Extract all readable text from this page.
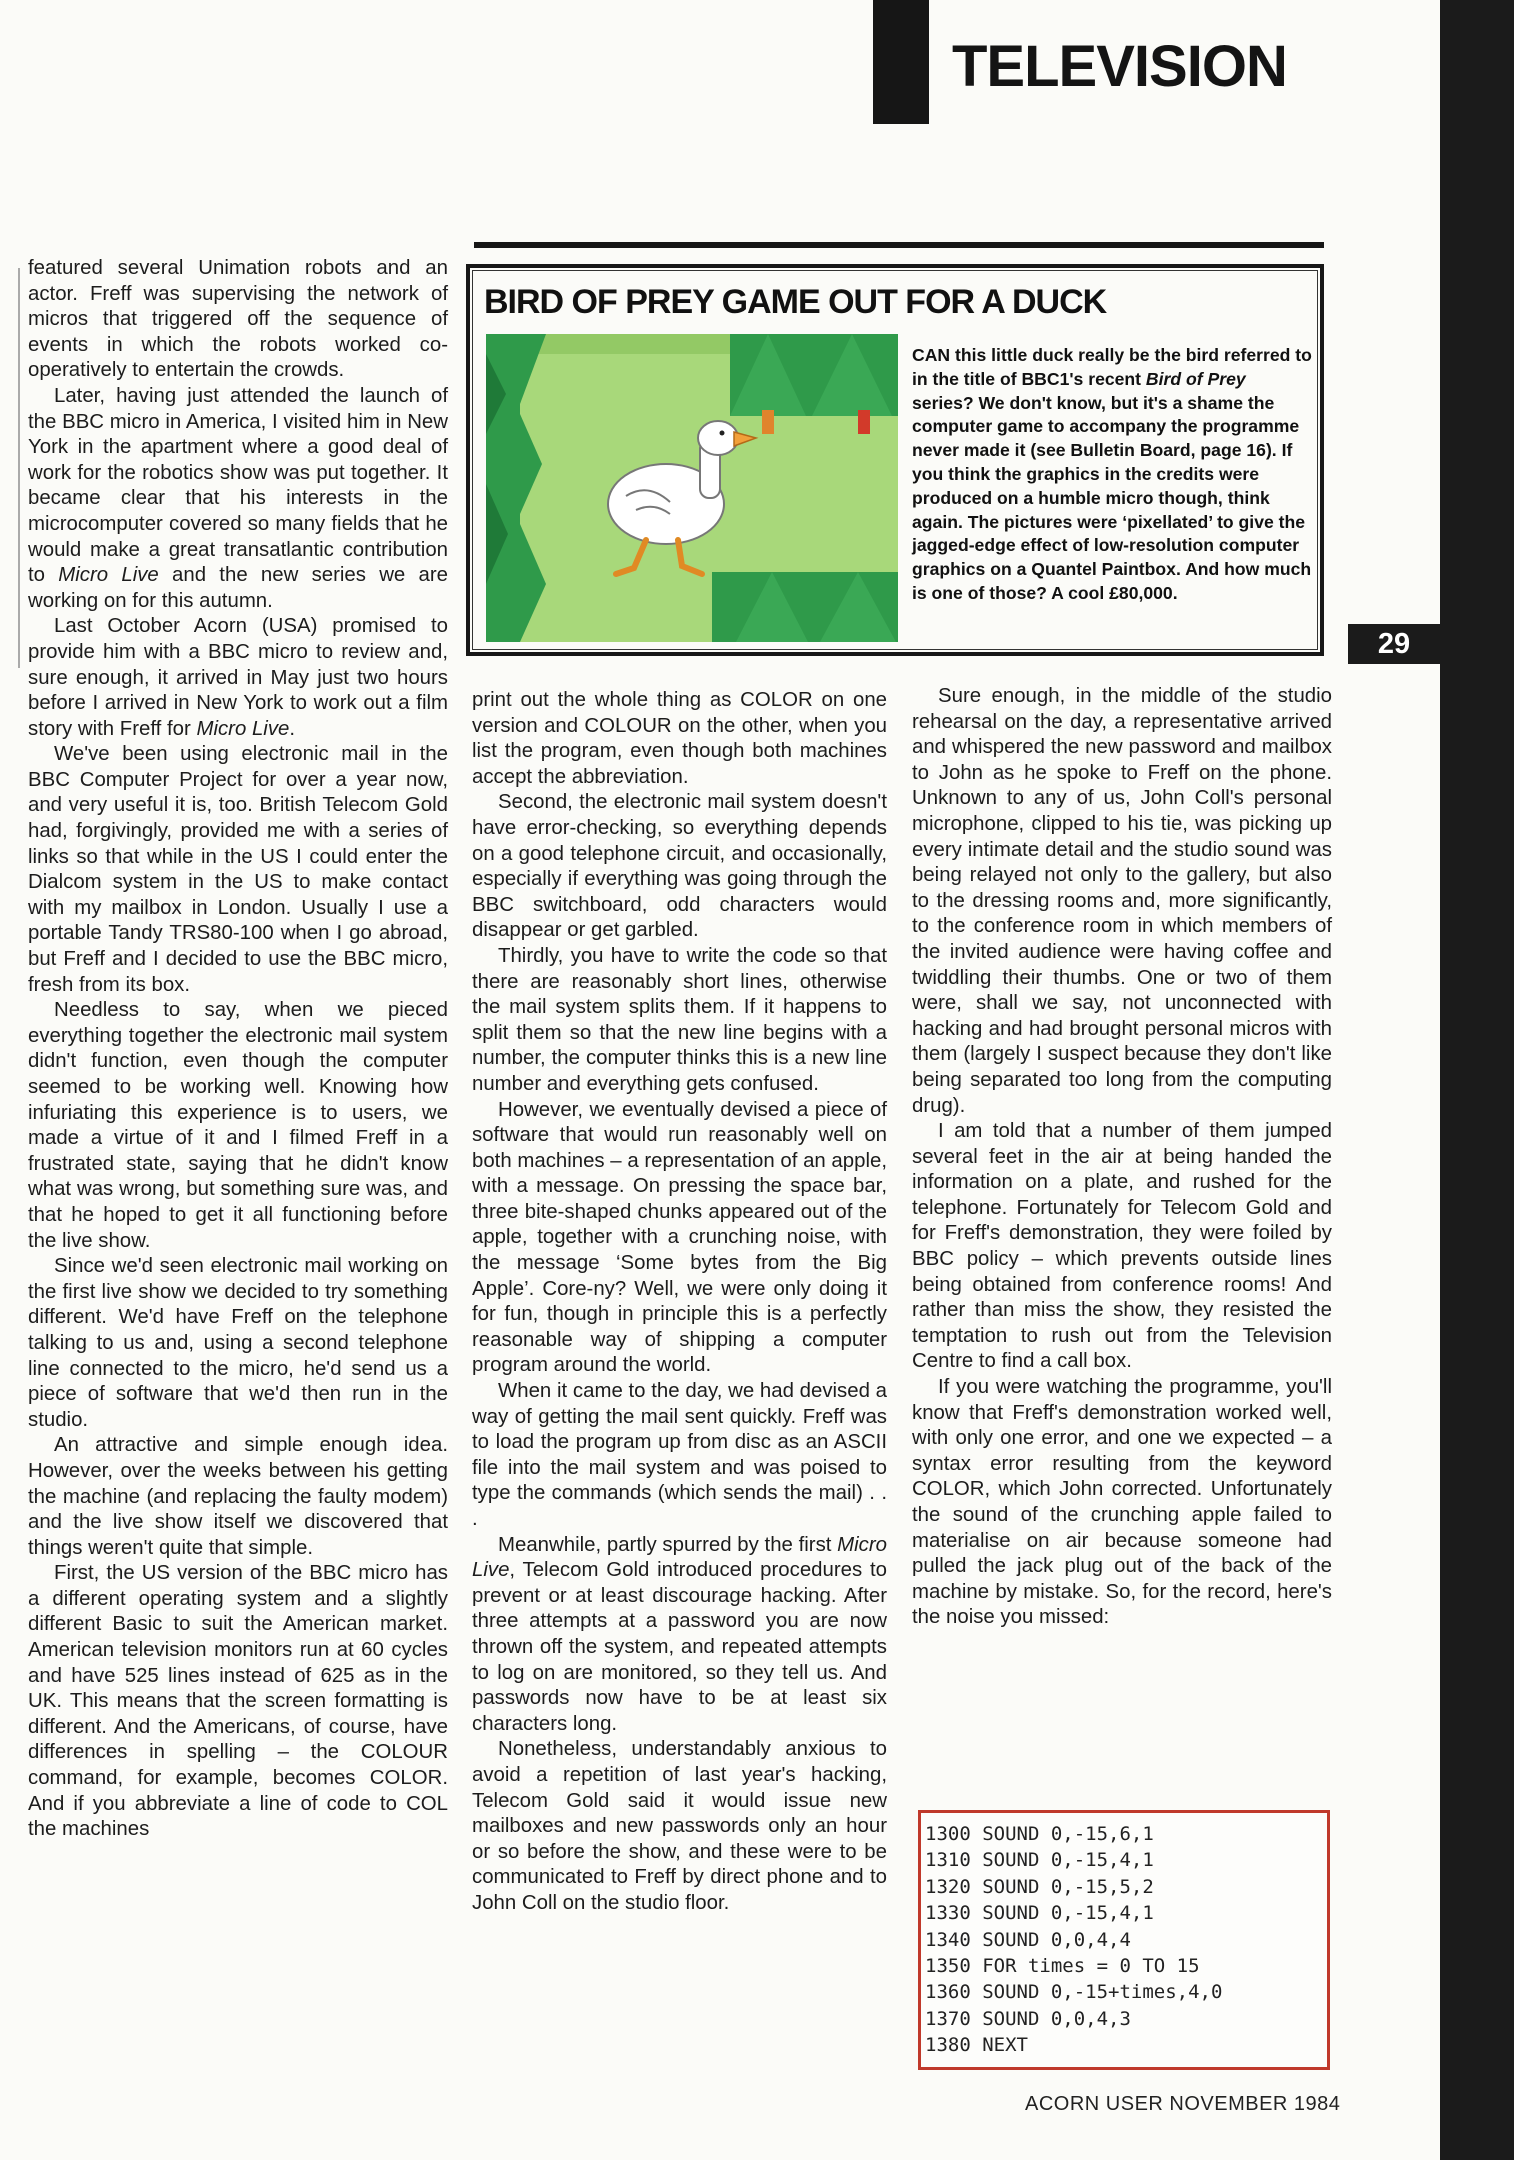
TELEVISION
29

featured several Unimation robots and an actor. Freff was supervising the network of micros that triggered off the sequence of events in which the robots worked co-operatively to entertain the crowds.

Later, having just attended the launch of the BBC micro in America, I visited him in New York in the apartment where a good deal of work for the robotics show was put together. It became clear that his interests in the microcomputer covered so many fields that he would make a great transatlantic contribution to Micro Live and the new series we are working on for this autumn.

Last October Acorn (USA) promised to provide him with a BBC micro to review and, sure enough, it arrived in May just two hours before I arrived in New York to work out a film story with Freff for Micro Live.

We've been using electronic mail in the BBC Computer Project for over a year now, and very useful it is, too. British Telecom Gold had, forgivingly, provided me with a series of links so that while in the US I could enter the Dialcom system in the US to make contact with my mailbox in London. Usually I use a portable Tandy TRS80-100 when I go abroad, but Freff and I decided to use the BBC micro, fresh from its box.

Needless to say, when we pieced everything together the electronic mail system didn't function, even though the computer seemed to be working well. Knowing how infuriating this experience is to users, we made a virtue of it and I filmed Freff in a frustrated state, saying that he didn't know what was wrong, but something sure was, and that he hoped to get it all functioning before the live show.

Since we'd seen electronic mail working on the first live show we decided to try something different. We'd have Freff on the telephone talking to us and, using a second telephone line connected to the micro, he'd send us a piece of software that we'd then run in the studio.

An attractive and simple enough idea. However, over the weeks between his getting the machine (and replacing the faulty modem) and the live show itself we discovered that things weren't quite that simple.

First, the US version of the BBC micro has a different operating system and a slightly different Basic to suit the American market. American television monitors run at 60 cycles and have 525 lines instead of 625 as in the UK. This means that the screen formatting is different. And the Americans, of course, have differences in spelling – the COLOUR command, for example, becomes COLOR. And if you abbreviate a line of code to COL the machines

BIRD OF PREY GAME OUT FOR A DUCK

CAN this little duck really be the bird referred to in the title of BBC1's recent Bird of Prey series? We don't know, but it's a shame the computer game to accompany the programme never made it (see Bulletin Board, page 16). If you think the graphics in the credits were produced on a humble micro though, think again. The pictures were ‘pixellated’ to give the jagged-edge effect of low-resolution computer graphics on a Quantel Paintbox. And how much is one of those? A cool £80,000.

print out the whole thing as COLOR on one version and COLOUR on the other, when you list the program, even though both machines accept the abbreviation.

Second, the electronic mail system doesn't have error-checking, so everything depends on a good telephone circuit, and occasionally, especially if everything was going through the BBC switchboard, odd characters would disappear or get garbled.

Thirdly, you have to write the code so that there are reasonably short lines, otherwise the mail system splits them. If it happens to split them so that the new line begins with a number, the computer thinks this is a new line number and everything gets confused.

However, we eventually devised a piece of software that would run reasonably well on both machines – a representation of an apple, with a message. On pressing the space bar, three bite-shaped chunks appeared out of the apple, together with a crunching noise, with the message ‘Some bytes from the Big Apple’. Core-ny? Well, we were only doing it for fun, though in principle this is a perfectly reasonable way of shipping a computer program around the world.

When it came to the day, we had devised a way of getting the mail sent quickly. Freff was to load the program up from disc as an ASCII file into the mail system and was poised to type the commands (which sends the mail) . . .

Meanwhile, partly spurred by the first Micro Live, Telecom Gold introduced procedures to prevent or at least discourage hacking. After three attempts at a password you are now thrown off the system, and repeated attempts to log on are monitored, so they tell us. And passwords now have to be at least six characters long.

Nonetheless, understandably anxious to avoid a repetition of last year's hacking, Telecom Gold said it would issue new mailboxes and new passwords only an hour or so before the show, and these were to be communicated to Freff by direct phone and to John Coll on the studio floor.

Sure enough, in the middle of the studio rehearsal on the day, a representative arrived and whispered the new password and mailbox to John as he spoke to Freff on the phone. Unknown to any of us, John Coll's personal microphone, clipped to his tie, was picking up every intimate detail and the studio sound was being relayed not only to the gallery, but also to the dressing rooms and, more significantly, to the conference room in which members of the invited audience were having coffee and twiddling their thumbs. One or two of them were, shall we say, not unconnected with hacking and had brought personal micros with them (largely I suspect because they don't like being separated too long from the computing drug).

I am told that a number of them jumped several feet in the air at being handed the information on a plate, and rushed for the telephone. Fortunately for Telecom Gold and for Freff's demonstration, they were foiled by BBC policy – which prevents outside lines being obtained from conference rooms! And rather than miss the show, they resisted the temptation to rush out from the Television Centre to find a call box.

If you were watching the programme, you'll know that Freff's demonstration worked well, with only one error, and one we expected – a syntax error resulting from the keyword COLOR, which John corrected. Unfortunately the sound of the crunching apple failed to materialise on air because someone had pulled the jack plug out of the back of the machine by mistake. So, for the record, here's the noise you missed:

1300 SOUND 0,-15,6,1
1310 SOUND 0,-15,4,1
1320 SOUND 0,-15,5,2
1330 SOUND 0,-15,4,1
1340 SOUND 0,0,4,4
1350 FOR times = 0 TO 15
1360 SOUND 0,-15+times,4,0
1370 SOUND 0,0,4,3
1380 NEXT
ACORN USER NOVEMBER 1984
